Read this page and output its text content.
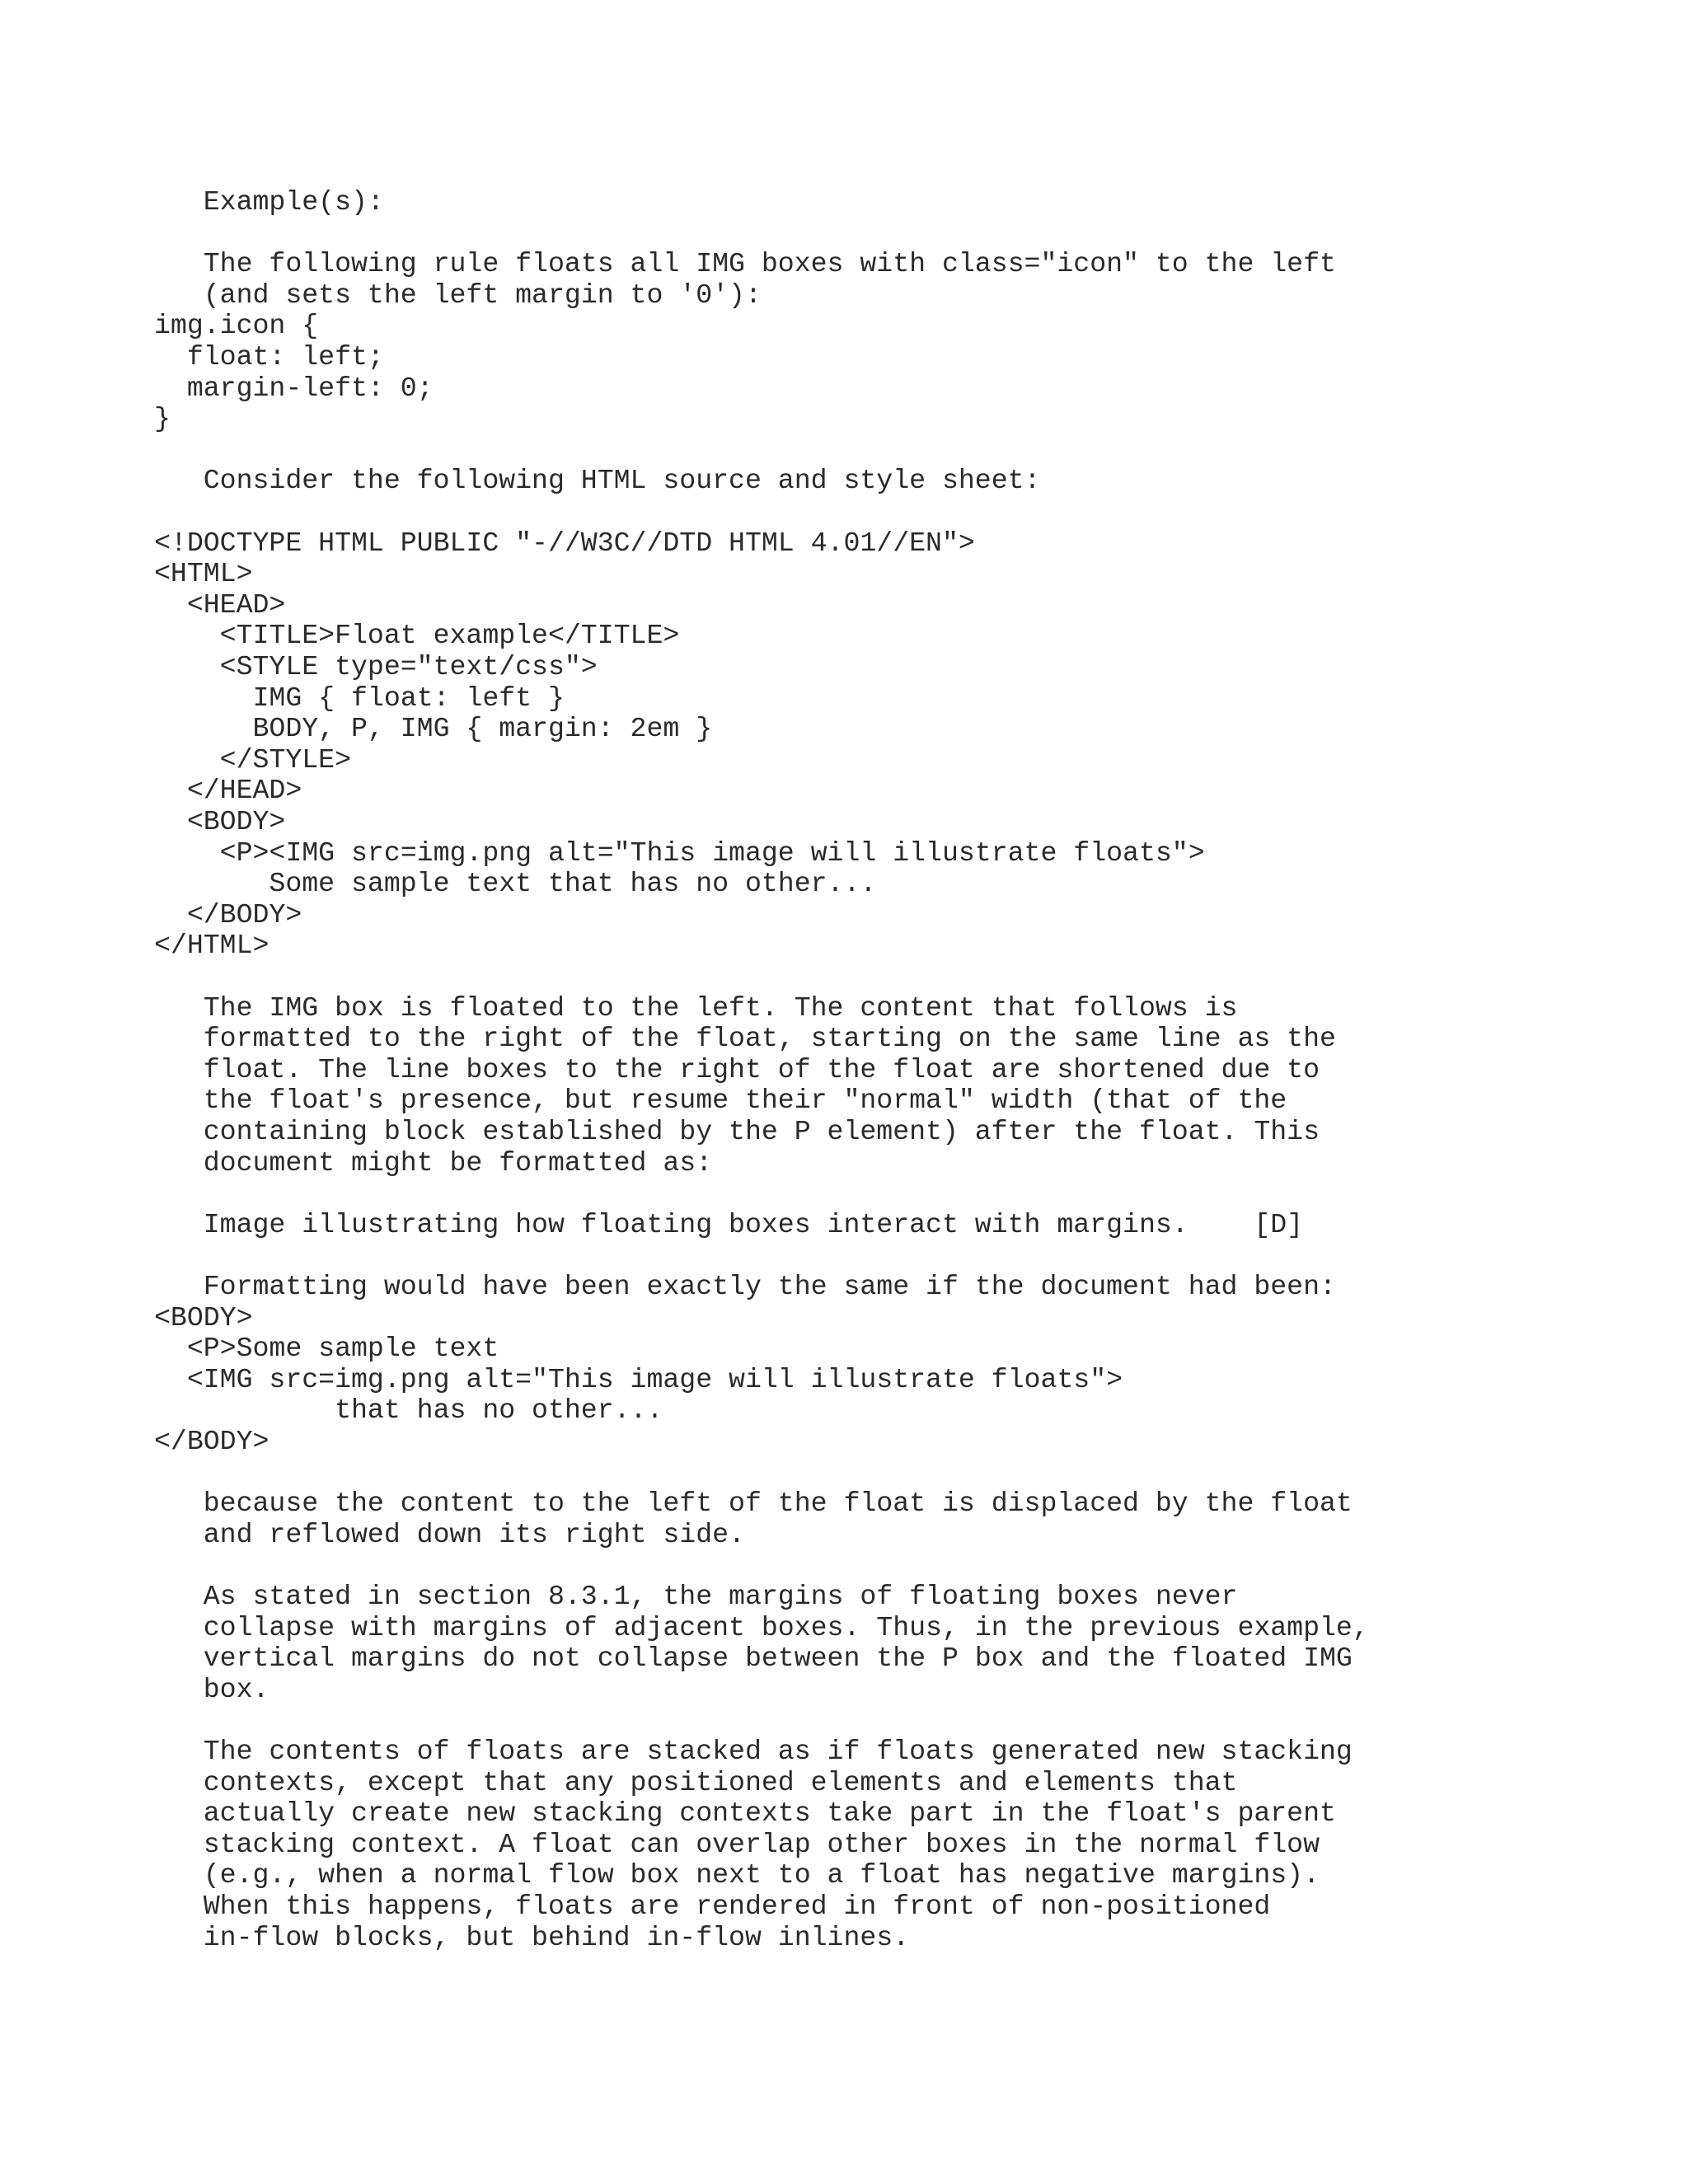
Example(s):
The following rule floats all IMG boxes with class="icon" to the left
(and sets the left margin to '0'):
img.icon {
float: left;
margin-left: 0;
}
Consider the following HTML source and style sheet:
<!DOCTYPE HTML PUBLIC "-//W3C//DTD HTML 4.01//EN">
<HTML>
<HEAD>
<TITLE>Float example</TITLE>
<STYLE type="text/css">
IMG { float: left }
BODY, P, IMG { margin: 2em }
</STYLE>
</HEAD>
<BODY>
<P><IMG src=img.png alt="This image will illustrate floats">
Some sample text that has no other...
</BODY>
</HTML>
The IMG box is floated to the left. The content that follows is
formatted to the right of the float, starting on the same line as the
float. The line boxes to the right of the float are shortened due to
the float's presence, but resume their "normal" width (that of the
containing block established by the P element) after the float. This
document might be formatted as:
Image illustrating how floating boxes interact with margins.    [D]
Formatting would have been exactly the same if the document had been:
<BODY>
<P>Some sample text
<IMG src=img.png alt="This image will illustrate floats">
that has no other...
</BODY>
because the content to the left of the float is displaced by the float
and reflowed down its right side.
As stated in section 8.3.1, the margins of floating boxes never
collapse with margins of adjacent boxes. Thus, in the previous example,
vertical margins do not collapse between the P box and the floated IMG
box.
The contents of floats are stacked as if floats generated new stacking
contexts, except that any positioned elements and elements that
actually create new stacking contexts take part in the float's parent
stacking context. A float can overlap other boxes in the normal flow
(e.g., when a normal flow box next to a float has negative margins).
When this happens, floats are rendered in front of non-positioned
in-flow blocks, but behind in-flow inlines.
